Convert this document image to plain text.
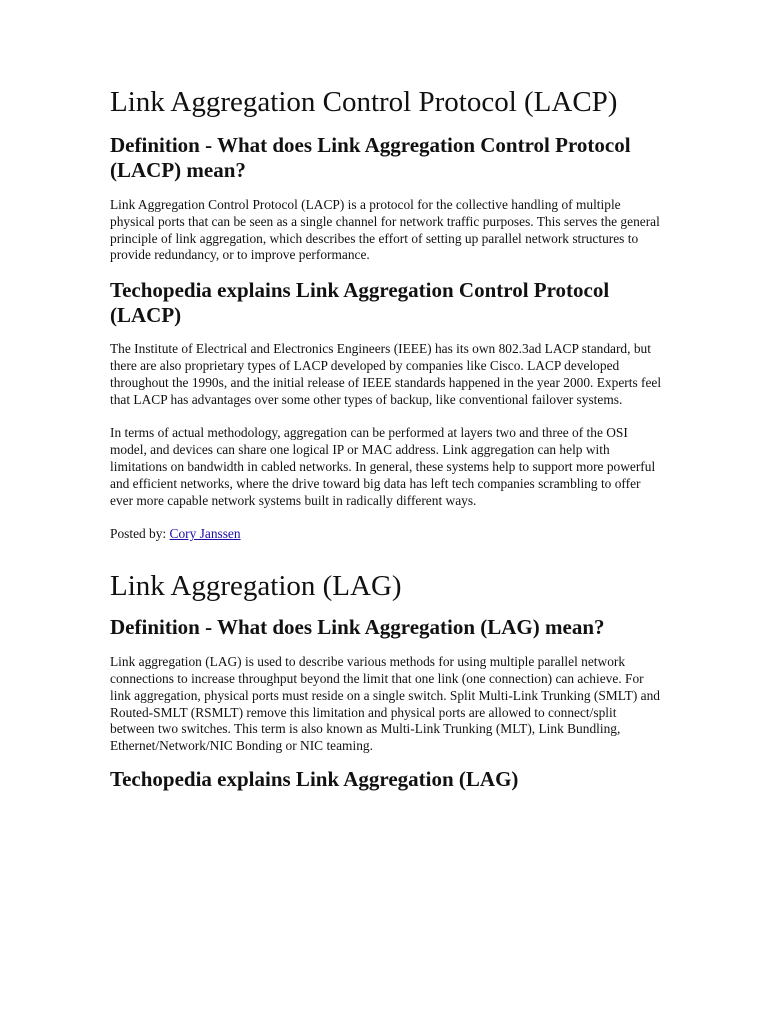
Link Aggregation Control Protocol (LACP)
Definition - What does Link Aggregation Control Protocol (LACP) mean?

Link Aggregation Control Protocol (LACP) is a protocol for the collective handling of multiple physical ports that can be seen as a single channel for network traffic purposes. This serves the general principle of link aggregation, which describes the effort of setting up parallel network structures to provide redundancy, or to improve performance.

Techopedia explains Link Aggregation Control Protocol (LACP)

The Institute of Electrical and Electronics Engineers (IEEE) has its own 802.3ad LACP standard, but there are also proprietary types of LACP developed by companies like Cisco. LACP developed throughout the 1990s, and the initial release of IEEE standards happened in the year 2000. Experts feel that LACP has advantages over some other types of backup, like conventional failover systems.

In terms of actual methodology, aggregation can be performed at layers two and three of the OSI model, and devices can share one logical IP or MAC address. Link aggregation can help with limitations on bandwidth in cabled networks. In general, these systems help to support more powerful and efficient networks, where the drive toward big data has left tech companies scrambling to offer ever more capable network systems built in radically different ways.

Posted by: Cory Janssen

Link Aggregation (LAG)
Definition - What does Link Aggregation (LAG) mean?

Link aggregation (LAG) is used to describe various methods for using multiple parallel network connections to increase throughput beyond the limit that one link (one connection) can achieve. For link aggregation, physical ports must reside on a single switch. Split Multi-Link Trunking (SMLT) and Routed-SMLT (RSMLT) remove this limitation and physical ports are allowed to connect/split between two switches. This term is also known as Multi-Link Trunking (MLT), Link Bundling, Ethernet/Network/NIC Bonding or NIC teaming.

Techopedia explains Link Aggregation (LAG)
